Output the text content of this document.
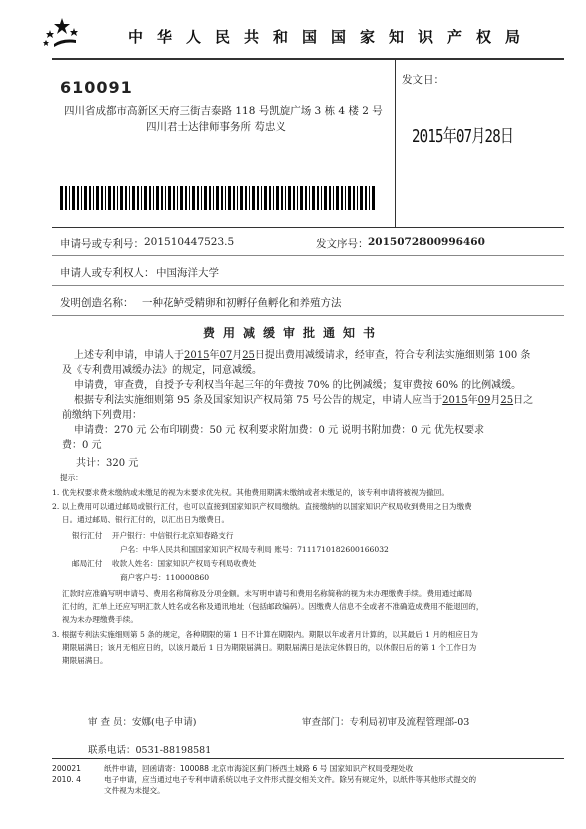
中华人民共和国国家知识产权局
610091
四川省成都市高新区天府三街吉泰路 118 号凯旋广场 3 栋 4 楼 2 号
四川君士达律师事务所 芶忠义
发文日：
2015年07月28日
申请号或专利号： 201510447523.5	发文序号： 2015072800996460
申请人或专利权人： 中国海洋大学
发明创造名称： 一种花鲈受精卵和初孵仔鱼孵化和养殖方法
费用减缓审批通知书
上述专利申请，申请人于2015年07月25日提出费用减缓请求，经审查，符合专利法实施细则第 100 条
及《专利费用减缓办法》的规定，同意减缓。
申请费，审查费，自授予专利权当年起三年的年费按 70% 的比例减缓；复审费按 60% 的比例减缓。
根据专利法实施细则第 95 条及国家知识产权局第 75 号公告的规定，申请人应当于2015年09月25日之
前缴纳下列费用：
申请费：270 元 公布印刷费：50 元 权利要求附加费：0 元 说明书附加费：0 元 优先权要求
费：0 元
共计：320 元
提示：
1. 优先权要求费未缴纳或未缴足的视为未要求优先权。其他费用期满未缴纳或者未缴足的，该专利申请将被视为撤回。
2. 以上费用可以通过邮局或银行汇付，也可以直接到国家知识产权局缴纳。直接缴纳的以国家知识产权局收到费用之日为缴费
日。通过邮局、银行汇付的，以汇出日为缴费日。
银行汇付 开户银行：中信银行北京知春路支行
户名：中华人民共和国国家知识产权局专利局 账号：7111710182600166032
邮局汇付 收款人姓名：国家知识产权局专利局收费处
商户客户号：110000860
汇款时应准确写明申请号、费用名称简称及分项金额。未写明申请号和费用名称简称的视为未办理缴费手续。费用通过邮局
汇付的，汇单上还应写明汇款人姓名或名称及通讯地址（包括邮政编码）。因缴费人信息不全或者不准确造成费用不能退回的，
视为未办理缴费手续。
3. 根据专利法实施细则第 5 条的规定，各种期限的第 1 日不计算在期限内。期限以年或者月计算的，以其最后 1 月的相应日为
期限届满日；该月无相应日的，以该月最后 1 日为期限届满日。期限届满日是法定休假日的，以休假日后的第 1 个工作日为
期限届满日。
审 查 员：安娜(电子申请)	审查部门：专利局初审及流程管理部-03
联系电话：0531-88198581
200021
2010. 4
纸件申请，回函请寄：100088 北京市海淀区蓟门桥西土城路 6 号 国家知识产权局受理处收
电子申请，应当通过电子专利申请系统以电子文件形式提交相关文件。除另有规定外，以纸件等其他形式提交的
文件视为未提交。
